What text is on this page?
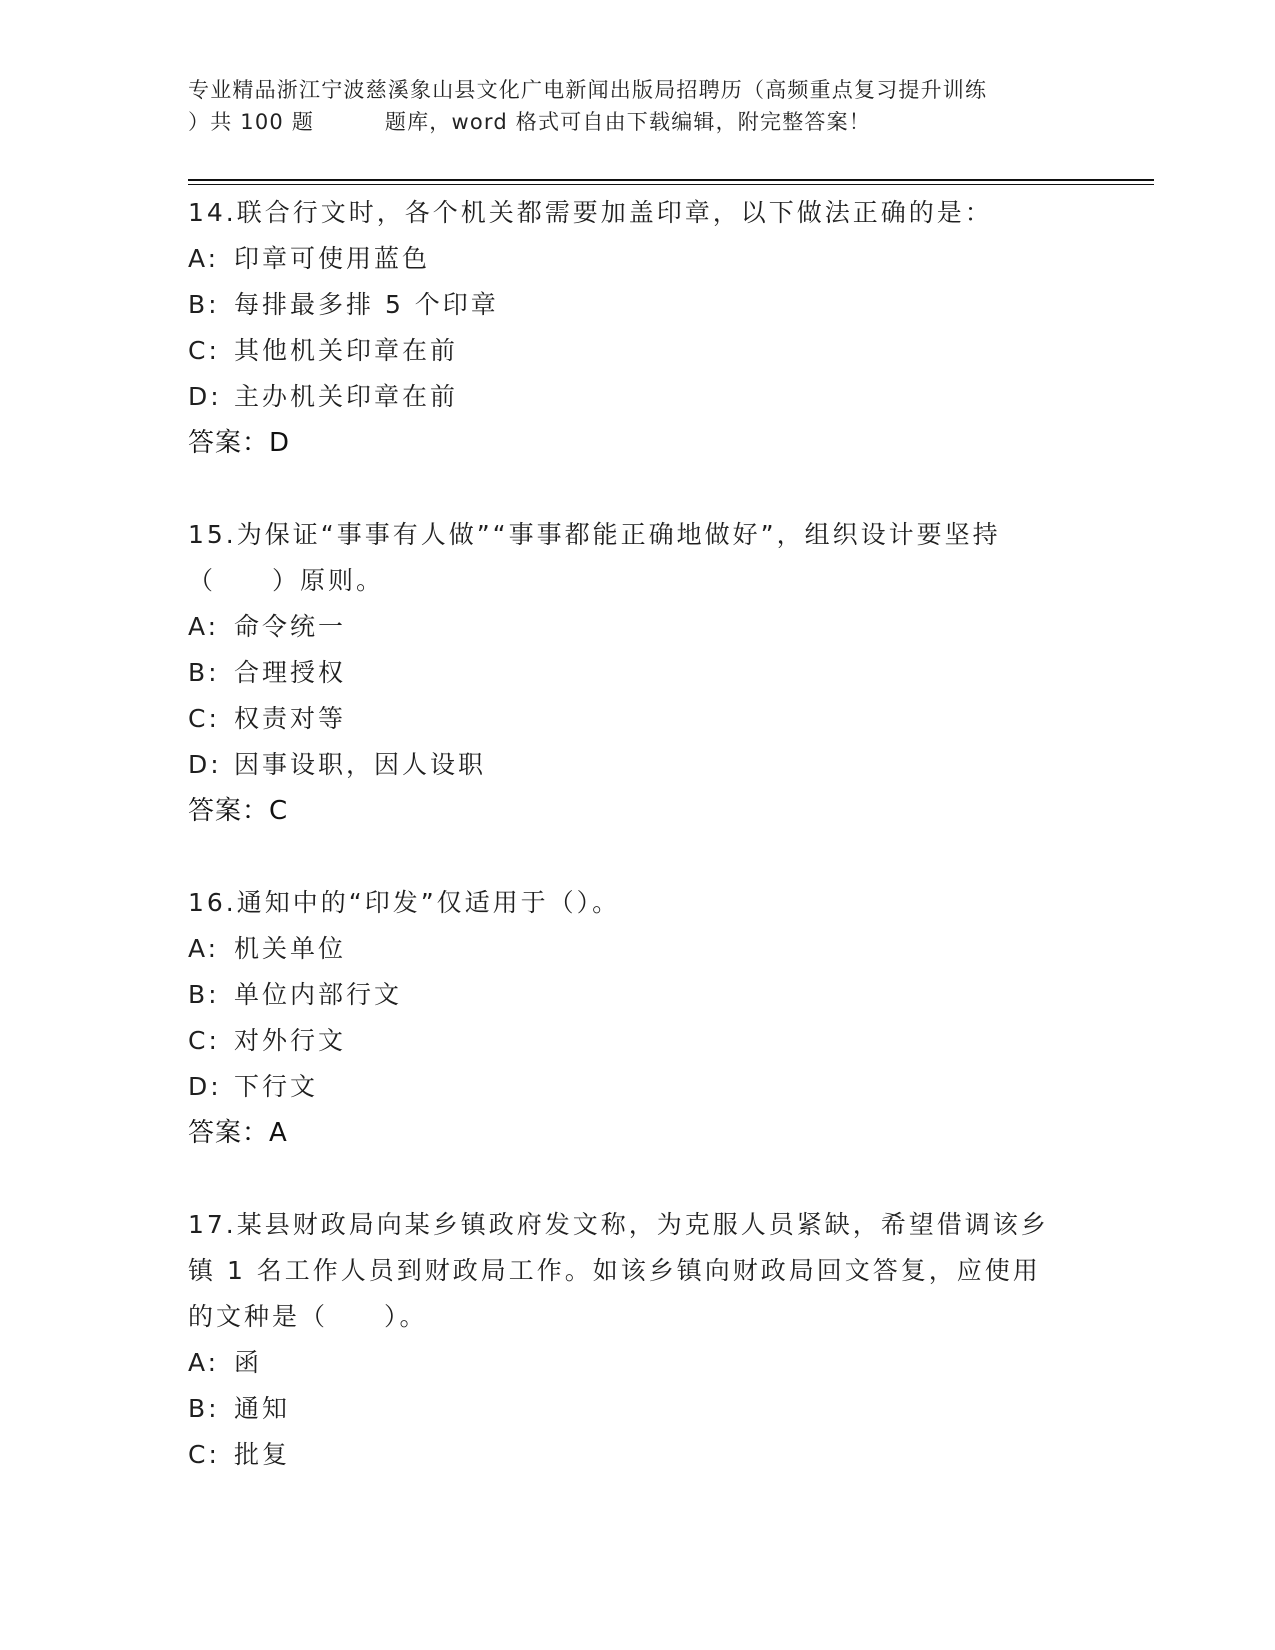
专业精品浙江宁波慈溪象山县文化广电新闻出版局招聘历（高频重点复习提升训练
）共 100 题         题库，word 格式可自由下载编辑，附完整答案！
14.联合行文时，各个机关都需要加盖印章，以下做法正确的是：
A: 印章可使用蓝色
B: 每排最多排 5 个印章
C: 其他机关印章在前
D: 主办机关印章在前
答案：D
15.为保证“事事有人做”“事事都能正确地做好”，组织设计要坚持
（　　）原则。
A: 命令统一
B: 合理授权
C: 权责对等
D: 因事设职，因人设职
答案：C
16.通知中的“印发”仅适用于（）。
A: 机关单位
B: 单位内部行文
C: 对外行文
D: 下行文
答案：A
17.某县财政局向某乡镇政府发文称，为克服人员紧缺，希望借调该乡
镇 1 名工作人员到财政局工作。如该乡镇向财政局回文答复，应使用
的文种是（　　）。
A: 函
B: 通知
C: 批复
